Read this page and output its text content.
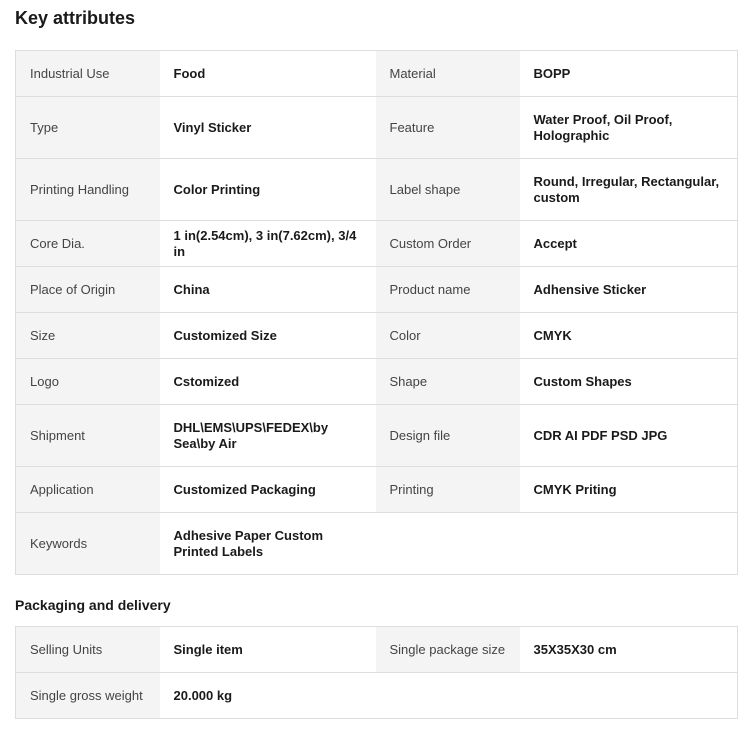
Key attributes
Industrial Use	Food	Material	BOPP
Type	Vinyl Sticker	Feature	Water Proof, Oil Proof, Holographic
Printing Handling	Color Printing	Label shape	Round, Irregular, Rectangular, custom
Core Dia.	1 in(2.54cm), 3 in(7.62cm), 3/4 in	Custom Order	Accept
Place of Origin	China	Product name	Adhensive Sticker
Size	Customized Size	Color	CMYK
Logo	Cstomized	Shape	Custom Shapes
Shipment	DHL\EMS\UPS\FEDEX\by Sea\by Air	Design file	CDR AI PDF PSD JPG
Application	Customized Packaging	Printing	CMYK Priting
Keywords	Adhesive Paper Custom Printed Labels		
Packaging and delivery
Selling Units	Single item	Single package size	35X35X30 cm
Single gross weight	20.000 kg		
